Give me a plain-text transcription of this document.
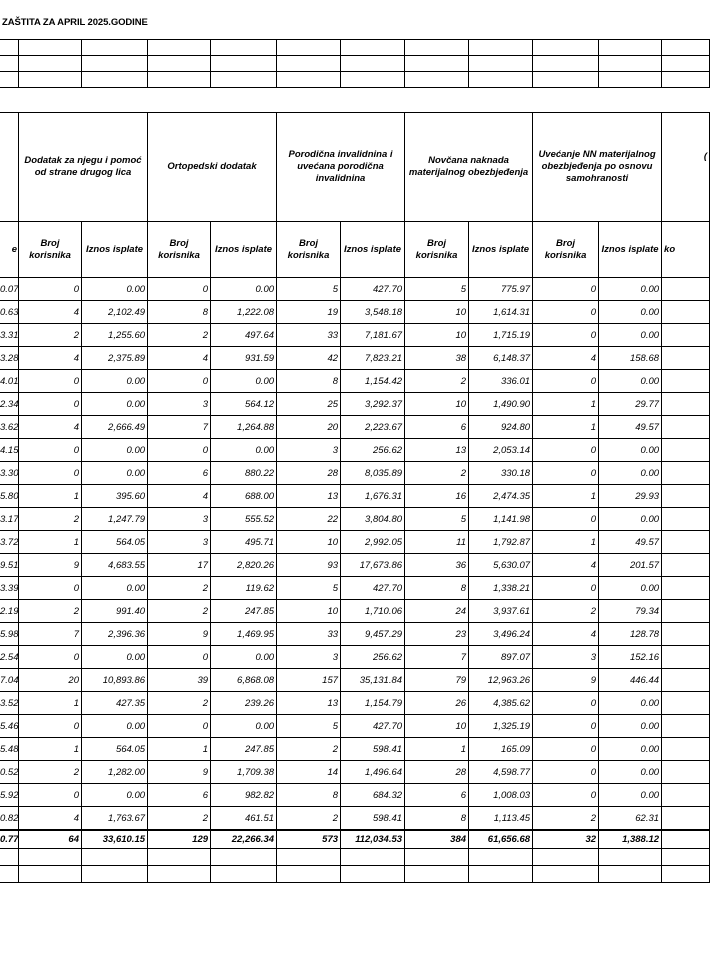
ZAŠTITA ZA APRIL 2025.GODINE

	Dodatak za njegu i pomoć od strane drugog lica		Ortopedski dodatak		Porodična invalidnina i uvećana porodična invalidnina		Novčana naknada materijalnog obezbjeđenja		Uvećanje NN materijalnog obezbjeđenja po osnovu samohranosti		(
e	Broj korisnika	Iznos isplate	Broj korisnika	Iznos isplate	Broj korisnika	Iznos isplate	Broj korisnika	Iznos isplate	Broj korisnika	Iznos isplate	ko
0.07	0	0.00	0	0.00	5	427.70	5	775.97	0	0.00	
0.63	4	2,102.49	8	1,222.08	19	3,548.18	10	1,614.31	0	0.00	
3.31	2	1,255.60	2	497.64	33	7,181.67	10	1,715.19	0	0.00	
3.28	4	2,375.89	4	931.59	42	7,823.21	38	6,148.37	4	158.68	
4.01	0	0.00	0	0.00	8	1,154.42	2	336.01	0	0.00	
2.34	0	0.00	3	564.12	25	3,292.37	10	1,490.90	1	29.77	
3.62	4	2,666.49	7	1,264.88	20	2,223.67	6	924.80	1	49.57	
4.15	0	0.00	0	0.00	3	256.62	13	2,053.14	0	0.00	
3.30	0	0.00	6	880.22	28	8,035.89	2	330.18	0	0.00	
5.80	1	395.60	4	688.00	13	1,676.31	16	2,474.35	1	29.93	
3.17	2	1,247.79	3	555.52	22	3,804.80	5	1,141.98	0	0.00	
3.72	1	564.05	3	495.71	10	2,992.05	11	1,792.87	1	49.57	
9.51	9	4,683.55	17	2,820.26	93	17,673.86	36	5,630.07	4	201.57	
3.39	0	0.00	2	119.62	5	427.70	8	1,338.21	0	0.00	
2.19	2	991.40	2	247.85	10	1,710.06	24	3,937.61	2	79.34	
5.98	7	2,396.36	9	1,469.95	33	9,457.29	23	3,496.24	4	128.78	
2.54	0	0.00	0	0.00	3	256.62	7	897.07	3	152.16	
7.04	20	10,893.86	39	6,868.08	157	35,131.84	79	12,963.26	9	446.44	
3.52	1	427.35	2	239.26	13	1,154.79	26	4,385.62	0	0.00	
5.46	0	0.00	0	0.00	5	427.70	10	1,325.19	0	0.00	
5.48	1	564.05	1	247.85	2	598.41	1	165.09	0	0.00	
0.52	2	1,282.00	9	1,709.38	14	1,496.64	28	4,598.77	0	0.00	
5.92	0	0.00	6	982.82	8	684.32	6	1,008.03	0	0.00	
0.82	4	1,763.67	2	461.51	2	598.41	8	1,113.45	2	62.31	
0.77	64	33,610.15	129	22,266.34	573	112,034.53	384	61,656.68	32	1,388.12	
